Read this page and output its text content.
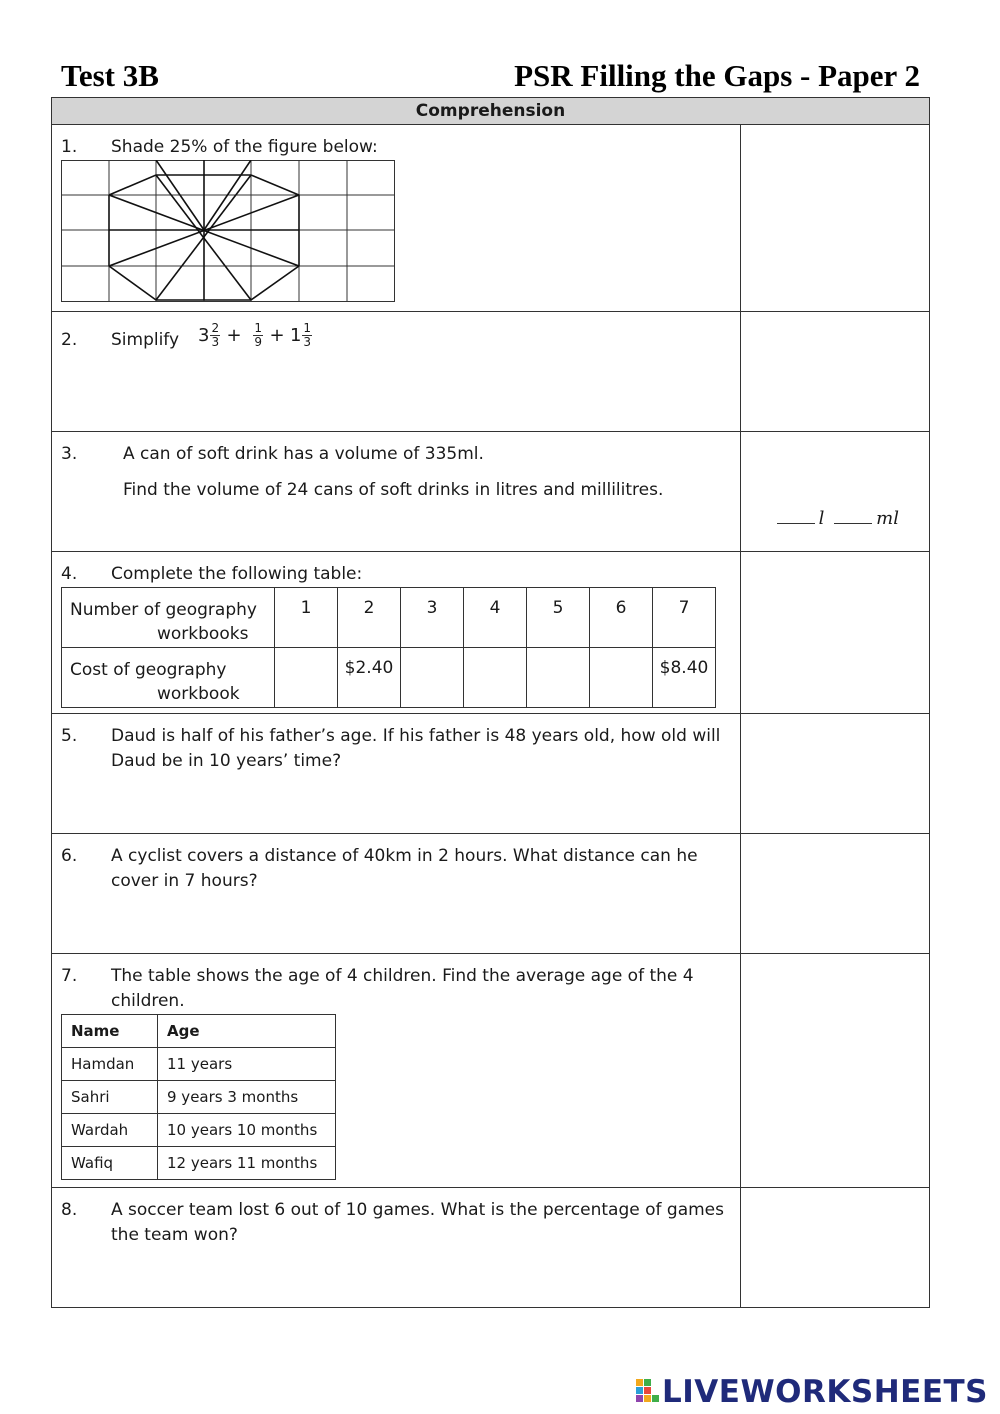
Test 3B	PSR Filling the Gaps - Paper 2
Comprehension
1. Shade 25% of the figure below:
2. Simplify	$3 \frac{2}{3} + \frac{1}{9} + 1 \frac{1}{3}$
3.	A can of soft drink has a volume of 335ml.
Find the volume of 24 cans of soft drinks in litres and millilitres.
l	ml
4. Complete the following table:
Number of geography
workbooks	1	2	3	4	5	6	7
Cost of geography
workbook		$2.40					$8.40
5. Daud is half of his father’s age. If his father is 48 years old, how old will Daud be in 10 years’ time?
6. A cyclist covers a distance of 40km in 2 hours. What distance can he cover in 7 hours?
7. The table shows the age of 4 children. Find the average age of the 4 children.
Name	Age
Hamdan	11 years
Sahri	9 years 3 months
Wardah	10 years 10 months
Wafiq	12 years 11 months
8. A soccer team lost 6 out of 10 games. What is the percentage of games the team won?
LIVEWORKSHEETS
